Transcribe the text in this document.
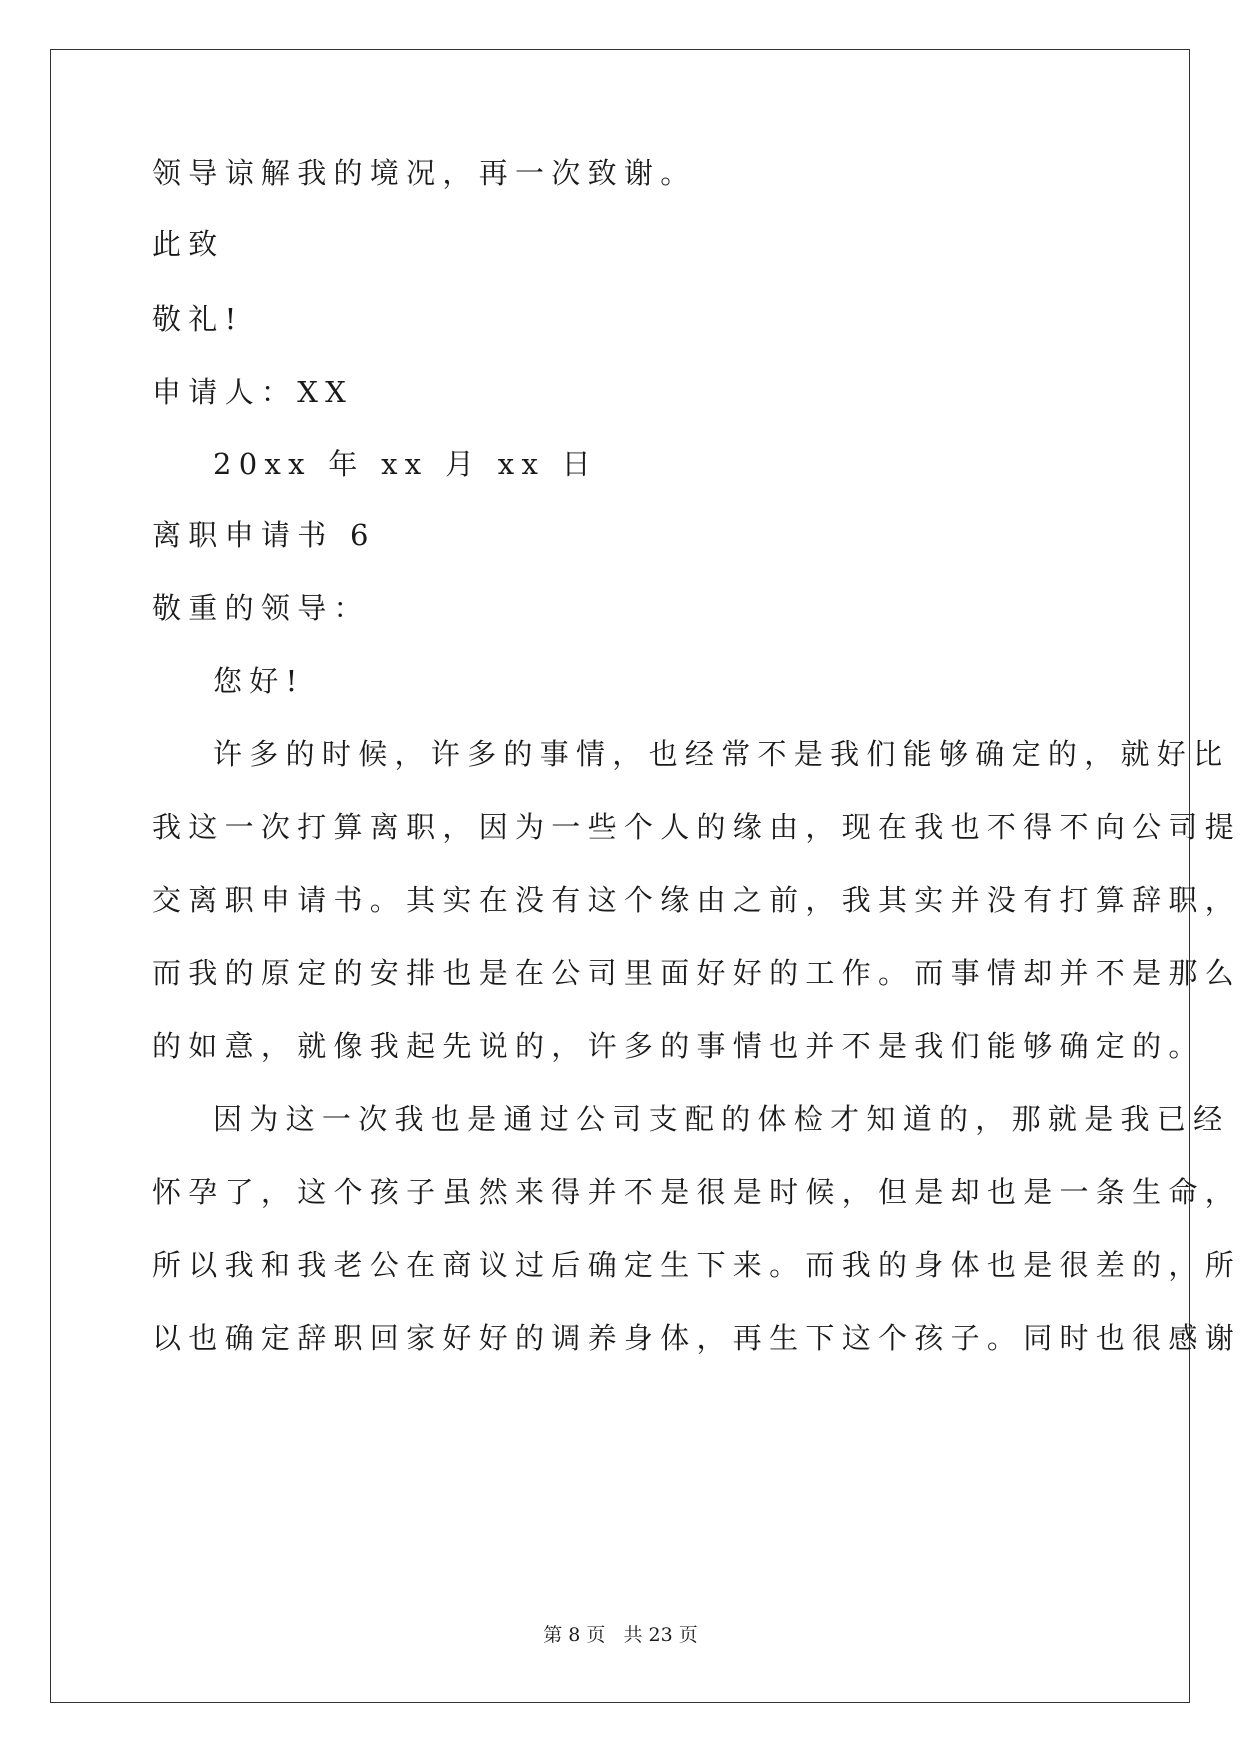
领导谅解我的境况，再一次致谢。
此致
敬礼!
申请人：XX
20xx 年 xx 月 xx 日
离职申请书 6
敬重的领导：
您好!
许多的时候，许多的事情，也经常不是我们能够确定的，就好比
我这一次打算离职，因为一些个人的缘由，现在我也不得不向公司提
交离职申请书。其实在没有这个缘由之前，我其实并没有打算辞职，
而我的原定的安排也是在公司里面好好的工作。而事情却并不是那么
的如意，就像我起先说的，许多的事情也并不是我们能够确定的。
因为这一次我也是通过公司支配的体检才知道的，那就是我已经
怀孕了，这个孩子虽然来得并不是很是时候，但是却也是一条生命，
所以我和我老公在商议过后确定生下来。而我的身体也是很差的，所
以也确定辞职回家好好的调养身体，再生下这个孩子。同时也很感谢
第 8 页 共 23 页
